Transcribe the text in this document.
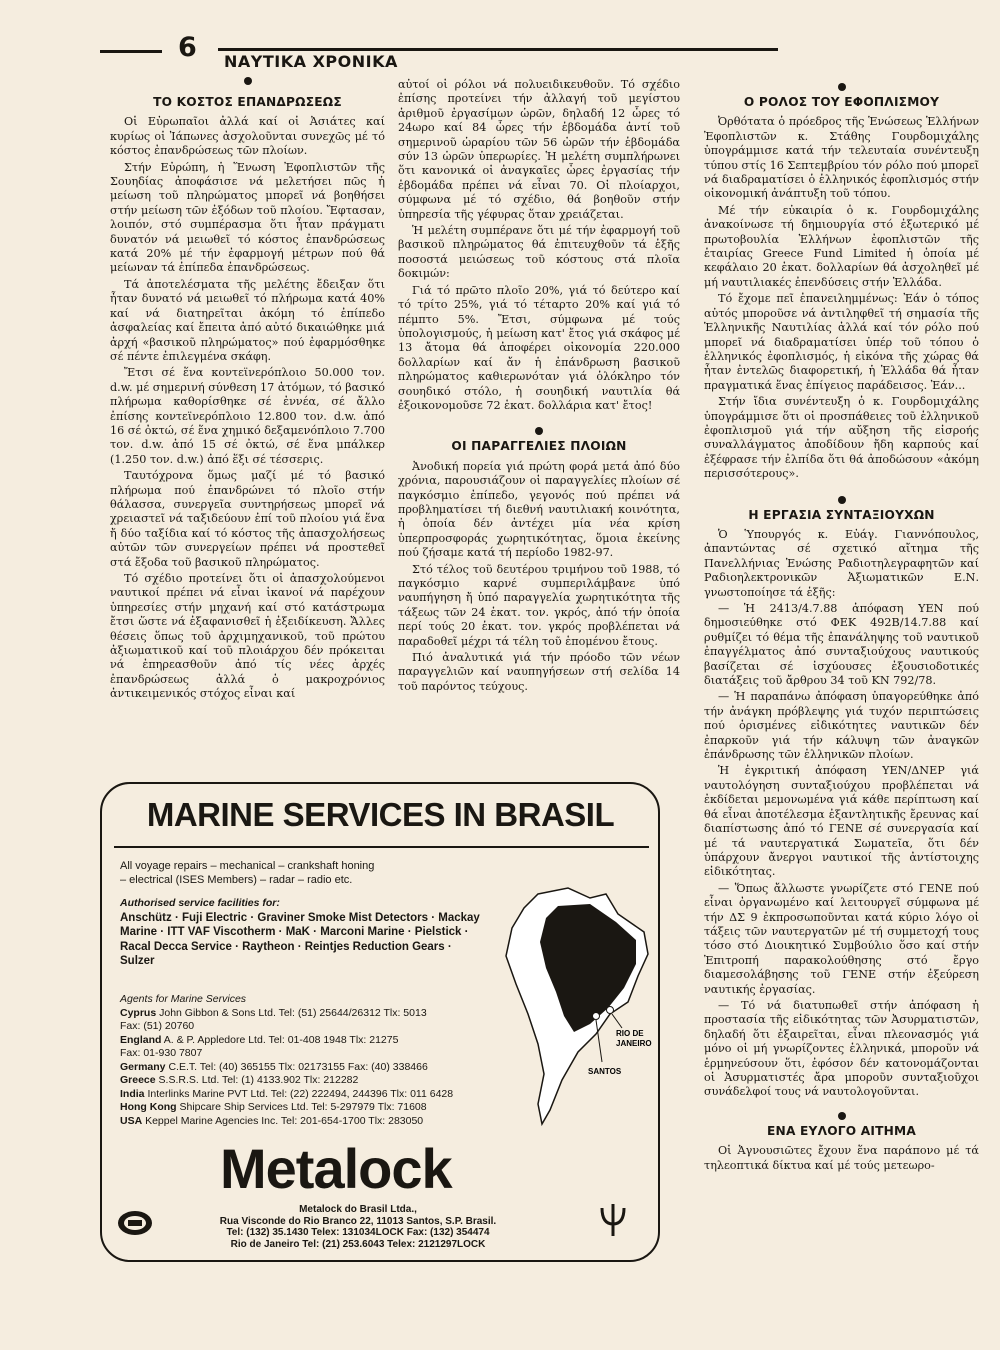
6 ΝΑΥΤΙΚΑ ΧΡΟΝΙΚΑ
ΤΟ ΚΟΣΤΟΣ ΕΠΑΝΔΡΩΣΕΩΣ

Οἱ Εὐρωπαῖοι ἀλλά καί οἱ Ἀσιάτες καί κυρίως οἱ Ἰάπωνες ἀσχολοῦνται συνεχῶς μέ τό κόστος ἐπανδρώσεως τῶν πλοίων.

Στήν Εὐρώπη, ἡ Ἕνωση Ἐφοπλιστῶν τῆς Σουηδίας ἀποφάσισε νά μελετήσει πῶς ἡ μείωση τοῦ πληρώματος μπορεῖ νά βοηθήσει στήν μείωση τῶν ἐξόδων τοῦ πλοίου. Ἔφτασαν, λοιπόν, στό συμπέρασμα ὅτι ἦταν πράγματι δυνατόν νά μειωθεῖ τό κόστος ἐπανδρώσεως κατά 20% μέ τήν ἐφαρμογή μέτρων πού θά μείωναν τά ἐπίπεδα ἐπανδρώσεως.

Τά ἀποτελέσματα τῆς μελέτης ἔδειξαν ὅτι ἦταν δυνατό νά μειωθεῖ τό πλήρωμα κατά 40% καί νά διατηρεῖται ἀκόμη τό ἐπίπεδο ἀσφαλείας καί ἔπειτα ἀπό αὐτό δικαιώθηκε μιά ἀρχή «βασικοῦ πληρώματος» πού ἐφαρμόσθηκε σέ πέντε ἐπιλεγμένα σκάφη.

Ἔτσι σέ ἕνα κοντεϊνερόπλοιο 50.000 τον. d.w. μέ σημερινή σύνθεση 17 ἀτόμων, τό βασικό πλήρωμα καθορίσθηκε σέ ἐννέα, σέ ἄλλο ἐπίσης κοντεϊνερόπλοιο 12.800 τον. d.w. ἀπό 16 σέ ὀκτώ, σέ ἕνα χημικό δεξαμενόπλοιο 7.700 τον. d.w. ἀπό 15 σέ ὀκτώ, σέ ἕνα μπάλκερ (1.250 τον. d.w.) ἀπό ἕξι σέ τέσσερις.

Ταυτόχρονα ὅμως μαζί μέ τό βασικό πλήρωμα πού ἐπανδρώνει τό πλοῖο στήν θάλασσα, συνεργεῖα συντηρήσεως μπορεῖ νά χρειαστεῖ νά ταξιδεύουν ἐπί τοῦ πλοίου γιά ἕνα ἤ δύο ταξίδια καί τό κόστος τῆς ἀπασχολήσεως αὐτῶν τῶν συνεργείων πρέπει νά προστεθεῖ στά ἔξοδα τοῦ βασικοῦ πληρώματος.

Τό σχέδιο προτείνει ὅτι οἱ ἀπασχολούμενοι ναυτικοί πρέπει νά εἶναι ἱκανοί νά παρέχουν ὑπηρεσίες στήν μηχανή καί στό κατάστρωμα ἔτσι ὥστε νά ἐξαφανισθεῖ ἡ ἐξειδίκευση. Ἄλλες θέσεις ὅπως τοῦ ἀρχιμηχανικοῦ, τοῦ πρώτου ἀξιωματικοῦ καί τοῦ πλοιάρχου δέν πρόκειται νά ἐπηρεασθοῦν ἀπό τίς νέες ἀρχές ἐπανδρώσεως ἀλλά ὁ μακροχρόνιος ἀντικειμενικός στόχος εἶναι καί

αὐτοί οἱ ρόλοι νά πολυειδικευθοῦν. Τό σχέδιο ἐπίσης προτείνει τήν ἀλλαγή τοῦ μεγίστου ἀριθμοῦ ἐργασίμων ὡρῶν, δηλαδή 12 ὧρες τό 24ωρο καί 84 ὧρες τήν ἑβδομάδα ἀντί τοῦ σημερινοῦ ὡραρίου τῶν 56 ὡρῶν τήν ἑβδομάδα σύν 13 ὡρῶν ὑπερωρίες. Ἡ μελέτη συμπλήρωνει ὅτι κανονικά οἱ ἀναγκαῖες ὧρες ἐργασίας τήν ἑβδομάδα πρέπει νά εἶναι 70. Οἱ πλοίαρχοι, σύμφωνα μέ τό σχέδιο, θά βοηθοῦν στήν ὑπηρεσία τῆς γέφυρας ὅταν χρειάζεται.

Ἡ μελέτη συμπέρανε ὅτι μέ τήν ἐφαρμογή τοῦ βασικοῦ πληρώματος θά ἐπιτευχθοῦν τά ἑξῆς ποσοστά μειώσεως τοῦ κόστους στά πλοῖα δοκιμών:

Γιά τό πρῶτο πλοῖο 20%, γιά τό δεύτερο καί τό τρίτο 25%, γιά τό τέταρτο 20% καί γιά τό πέμπτο 5%. Ἔτσι, σύμφωνα μέ τούς ὑπολογισμούς, ἡ μείωση κατ' ἔτος γιά σκάφος μέ 13 ἄτομα θά ἀποφέρει οἰκονομία 220.000 δολλαρίων καί ἄν ἡ ἐπάνδρωση βασικοῦ πληρώματος καθιερωνόταν γιά ὁλόκληρο τόν σουηδικό στόλο, ἡ σουηδική ναυτιλία θά ἐξοικονομοῦσε 72 ἑκατ. δολλάρια κατ' ἔτος!

ΟΙ ΠΑΡΑΓΓΕΛΙΕΣ ΠΛΟΙΩΝ

Ἀνοδική πορεία γιά πρώτη φορά μετά ἀπό δύο χρόνια, παρουσιάζουν οἱ παραγγελίες πλοίων σέ παγκόσμιο ἐπίπεδο, γεγονός πού πρέπει νά προβληματίσει τή διεθνή ναυτιλιακή κοινότητα, ἡ ὁποία δέν ἀντέχει μία νέα κρίση ὑπερπροσφοράς χωρητικότητας, ὅμοια ἐκείνης πού ζήσαμε κατά τή περίοδο 1982-97.

Στό τέλος τοῦ δευτέρου τριμήνου τοῦ 1988, τό παγκόσμιο καρνέ συμπεριλάμβανε ὑπό ναυπήγηση ἤ ὑπό παραγγελία χωρητικότητα τῆς τάξεως τῶν 24 ἑκατ. τον. γκρός, ἀπό τήν ὁποία περί τούς 20 ἑκατ. τον. γκρός προβλέπεται νά παραδοθεῖ μέχρι τά τέλη τοῦ ἑπομένου ἔτους.

Πιό ἀναλυτικά γιά τήν πρόοδο τῶν νέων παραγγελιῶν καί ναυπηγήσεων στή σελίδα 14 τοῦ παρόντος τεύχους.

Ο ΡΟΛΟΣ ΤΟΥ ΕΦΟΠΛΙΣΜΟΥ

Ὀρθότατα ὁ πρόεδρος τῆς Ἑνώσεως Ἑλλήνων Ἐφοπλιστῶν κ. Στάθης Γουρδομιχάλης ὑπογράμμισε κατά τήν τελευταία συνέντευξη τύπου στίς 16 Σεπτεμβρίου τόν ρόλο πού μπορεῖ νά διαδραματίσει ὁ ἑλληνικός ἐφοπλισμός στήν οἰκονομική ἀνάπτυξη τοῦ τόπου.

Μέ τήν εὐκαιρία ὁ κ. Γουρδομιχάλης ἀνακοίνωσε τή δημιουργία στό ἐξωτερικό μέ πρωτοβουλία Ἑλλήνων ἐφοπλιστῶν τῆς ἑταιρίας Greece Fund Limited ἡ ὁποία μέ κεφάλαιο 20 ἑκατ. δολλαρίων θά ἀσχοληθεῖ μέ μή ναυτιλιακές ἐπενδύσεις στήν Ἑλλάδα.

Τό ἔχομε πεῖ ἐπανειλημμένως: Ἐάν ὁ τόπος αὐτός μποροῦσε νά ἀντιληφθεῖ τή σημασία τῆς Ἑλληνικῆς Ναυτιλίας ἀλλά καί τόν ρόλο πού μπορεῖ νά διαδραματίσει ὑπέρ τοῦ τόπου ὁ ἑλληνικός ἐφοπλισμός, ἡ εἰκόνα τῆς χώρας θά ἦταν ἐντελῶς διαφορετική, ἡ Ἑλλάδα θά ἦταν πραγματικά ἕνας ἐπίγειος παράδεισος. Ἐάν...

Στήν ἴδια συνέντευξη ὁ κ. Γουρδομιχάλης ὑπογράμμισε ὅτι οἱ προσπάθειες τοῦ ἑλληνικοῦ ἐφοπλισμοῦ γιά τήν αὔξηση τῆς εἰσροής συναλλάγματος ἀποδίδουν ἤδη καρπούς καί ἐξέφρασε τήν ἐλπίδα ὅτι θά ἀποδώσουν «ἀκόμη περισσότερους».

Η ΕΡΓΑΣΙΑ ΣΥΝΤΑΞΙΟΥΧΩΝ

Ὁ Ὑπουργός κ. Εὐάγ. Γιαννόπουλος, ἀπαντώντας σέ σχετικό αἴτημα τῆς Πανελλήνιας Ἑνώσης Ραδιοτηλεγραφητῶν καί Ραδιοηλεκτρονικῶν Ἀξιωματικῶν Ε.Ν. γνωστοποίησε τά ἑξῆς:

— Ἡ 2413/4.7.88 ἀπόφαση ΥΕΝ πού δημοσιεύθηκε στό ΦΕΚ 492Β/14.7.88 καί ρυθμίζει τό θέμα τῆς ἐπανάληψης τοῦ ναυτικοῦ ἐπαγγέλματος ἀπό συνταξιούχους ναυτικούς βασίζεται σέ ἰσχύουσες ἐξουσιοδοτικές διατάξεις τοῦ ἄρθρου 34 τοῦ ΚΝ 792/78.

— Ἡ παραπάνω ἀπόφαση ὑπαγορεύθηκε ἀπό τήν ἀνάγκη πρόβλεψης γιά τυχόν περιπτώσεις πού ὁρισμένες εἰδικότητες ναυτικῶν δέν ἐπαρκοῦν γιά τήν κάλυψη τῶν ἀναγκῶν ἐπάνδρωσης τῶν ἑλληνικῶν πλοίων.

Ἡ ἐγκριτική ἀπόφαση ΥΕΝ/ΔΝΕΡ γιά ναυτολόγηση συνταξιούχου προβλέπεται νά ἐκδίδεται μεμονωμένα γιά κάθε περίπτωση καί θά εἶναι ἀποτέλεσμα ἐξαντλητικῆς ἔρευνας καί διαπίστωσης ἀπό τό ΓΕΝΕ σέ συνεργασία καί μέ τά ναυτεργατικά Σωματεῖα, ὅτι δέν ὑπάρχουν ἄνεργοι ναυτικοί τῆς ἀντίστοιχης εἰδικότητας.

— Ὅπως ἄλλωστε γνωρίζετε στό ΓΕΝΕ πού εἶναι ὀργανωμένο καί λειτουργεῖ σύμφωνα μέ τήν ΔΣ 9 ἐκπροσωποῦνται κατά κύριο λόγο οἱ τάξεις τῶν ναυτεργατῶν μέ τή συμμετοχή τους τόσο στό Διοικητικό Συμβούλιο ὅσο καί στήν Ἐπιτροπή παρακολούθησης στό ἔργο διαμεσολάβησης τοῦ ΓΕΝΕ στήν ἐξεύρεση ναυτικής ἐργασίας.

— Τό νά διατυπωθεῖ στήν ἀπόφαση ἡ προστασία τῆς εἰδικότητας τῶν Ἀσυρματιστῶν, δηλαδή ὅτι ἐξαιρεῖται, εἶναι πλεονασμός γιά μόνο οἱ μή γνωρίζοντες ἑλληνικά, μποροῦν νά ἑρμηνεύσουν ὅτι, ἐφόσον δέν κατονομάζονται οἱ Ἀσυρματιστές ἄρα μποροῦν συνταξιοῦχοι συνάδελφοί τους νά ναυτολογοῦνται.

ΕΝΑ ΕΥΛΟΓΟ ΑΙΤΗΜΑ

Οἱ Ἀγνουσιῶτες ἔχουν ἕνα παράπονο μέ τά τηλεοπτικά δίκτυα καί μέ τούς μετεωρο-

MARINE SERVICES IN BRASIL
All voyage repairs – mechanical – crankshaft honing
– electrical (ISES Members) – radar – radio etc.
Authorised service facilities for:
Anschütz · Fuji Electric · Graviner Smoke Mist Detectors · Mackay
Marine · ITT VAF Viscotherm · MaK · Marconi Marine · Pielstick ·
Racal Decca Service · Raytheon · Reintjes Reduction Gears ·
Sulzer
Agents for Marine Services
Cyprus John Gibbon & Sons Ltd. Tel: (51) 25644/26312 Tlx: 5013
Fax: (51) 20760
England A. & P. Appledore Ltd. Tel: 01-408 1948 Tlx: 21275
Fax: 01-930 7807
Germany C.E.T. Tel: (40) 365155 Tlx: 02173155 Fax: (40) 338466
Greece S.S.R.S. Ltd. Tel: (1) 4133.902 Tlx: 212282
India Interlinks Marine PVT Ltd. Tel: (22) 222494, 244396 Tlx: 011 6428
Hong Kong Shipcare Ship Services Ltd. Tel: 5-297979 Tlx: 71608
USA Keppel Marine Agencies Inc. Tel: 201-654-1700 Tlx: 283050
RIO DE
JANEIRO
SANTOS
Metalock
Metalock do Brasil Ltda.,
Rua Visconde do Rio Branco 22, 11013 Santos, S.P. Brasil.
Tel: (132) 35.1430 Telex: 131034LOCK Fax: (132) 354474
Rio de Janeiro Tel: (21) 253.6043 Telex: 2121297LOCK
